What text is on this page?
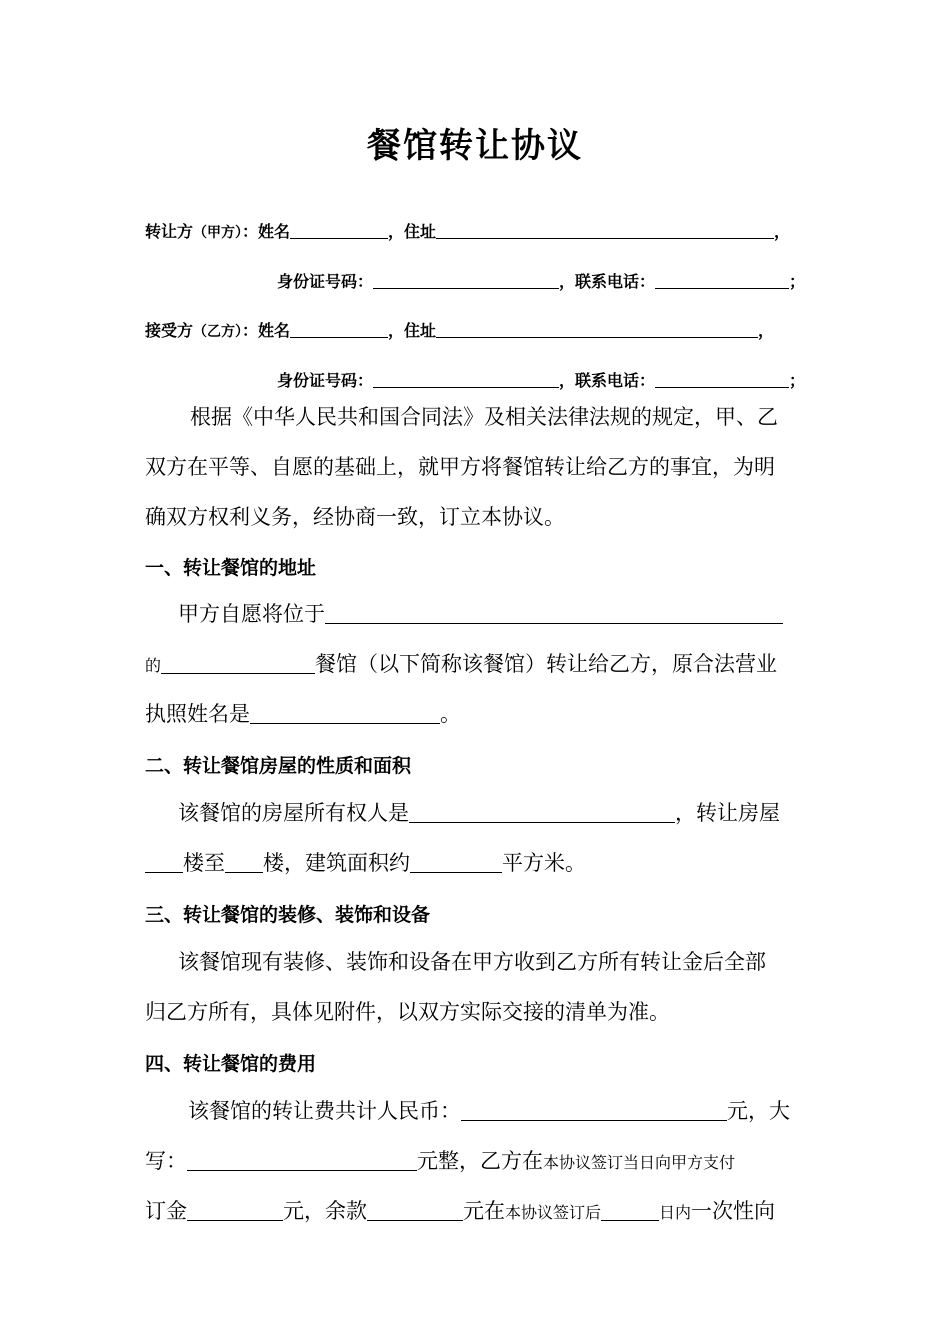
餐馆转让协议
转让方（甲方）：姓名	，住址	，
身份证号码：	，联系电话：	；
接受方（乙方）：姓名	，住址	，
身份证号码：	，联系电话：	；
根据《中华人民共和国合同法》及相关法律法规的规定，甲、乙
双方在平等、自愿的基础上，就甲方将餐馆转让给乙方的事宜，为明
确双方权利义务，经协商一致，订立本协议。
一、转让餐馆的地址
甲方自愿将位于
的	餐馆（以下简称该餐馆）转让给乙方，原合法营业
执照姓名是	。
二、转让餐馆房屋的性质和面积
该餐馆的房屋所有权人是	，转让房屋
楼至 楼，建筑面积约	平方米。
三、转让餐馆的装修、装饰和设备
该餐馆现有装修、装饰和设备在甲方收到乙方所有转让金后全部
归乙方所有，具体见附件，以双方实际交接的清单为准。
四、转让餐馆的费用
该餐馆的转让费共计人民币：	元，大
写：	元整，乙方在本协议签订当日向甲方支付
订金	元，余款	元在本协议签订后	日内一次性向
